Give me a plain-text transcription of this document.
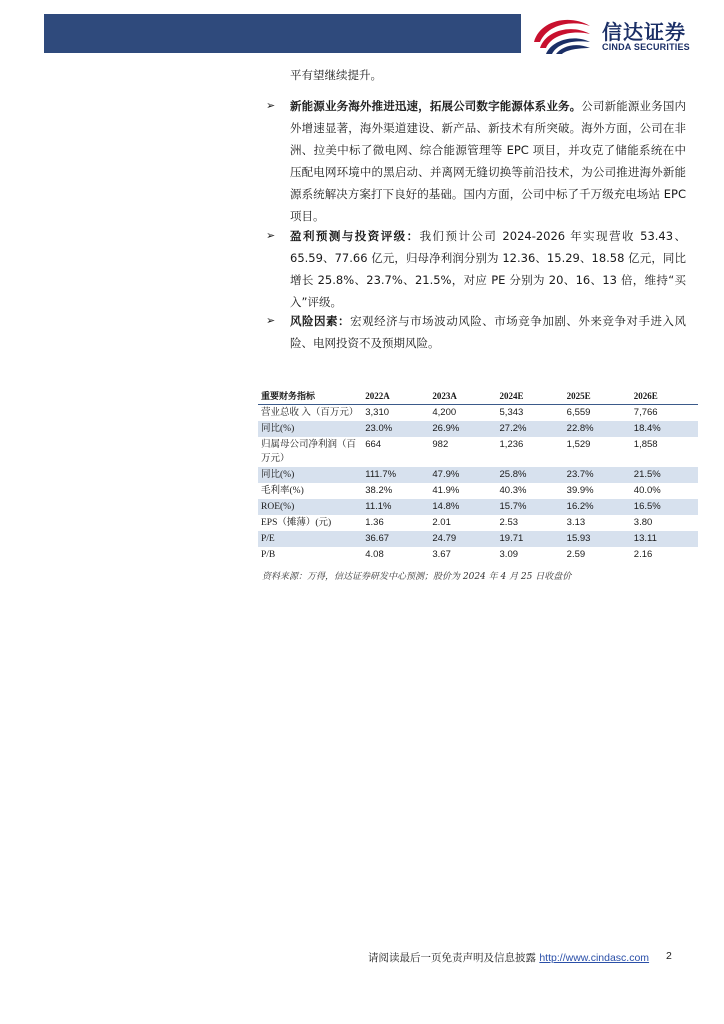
信达证券
CINDA SECURITIES
平有望继续提升。
➢ 新能源业务海外推进迅速，拓展公司数字能源体系业务。公司新能源业务国内外增速显著，海外渠道建设、新产品、新技术有所突破。海外方面，公司在非洲、拉美中标了微电网、综合能源管理等 EPC 项目，并攻克了储能系统在中压配电网环境中的黑启动、并离网无缝切换等前沿技术，为公司推进海外新能源系统解决方案打下良好的基础。国内方面，公司中标了千万级充电场站 EPC 项目。
➢ 盈利预测与投资评级：我们预计公司 2024-2026 年实现营收 53.43、65.59、77.66 亿元，归母净利润分别为 12.36、15.29、18.58 亿元，同比增长 25.8%、23.7%、21.5%，对应 PE 分别为 20、16、13 倍，维持“买入”评级。
➢ 风险因素：宏观经济与市场波动风险、市场竞争加剧、外来竞争对手进入风险、电网投资不及预期风险。
重要财务指标	2022A	2023A	2024E	2025E	2026E
营业总收 入（百万元）	3,310	4,200	5,343	6,559	7,766
同比(%)	23.0%	26.9%	27.2%	22.8%	18.4%
归属母公司净利润（百万元）	664	982	1,236	1,529	1,858
同比(%)	111.7%	47.9%	25.8%	23.7%	21.5%
毛利率(%)	38.2%	41.9%	40.3%	39.9%	40.0%
ROE(%)	11.1%	14.8%	15.7%	16.2%	16.5%
EPS（摊薄）(元)	1.36	2.01	2.53	3.13	3.80
P/E	36.67	24.79	19.71	15.93	13.11
P/B	4.08	3.67	3.09	2.59	2.16
资料来源：万得，信达证券研发中心预测；股价为 2024 年 4 月 25 日收盘价
请阅读最后一页免责声明及信息披露 http://www.cindasc.com 2
